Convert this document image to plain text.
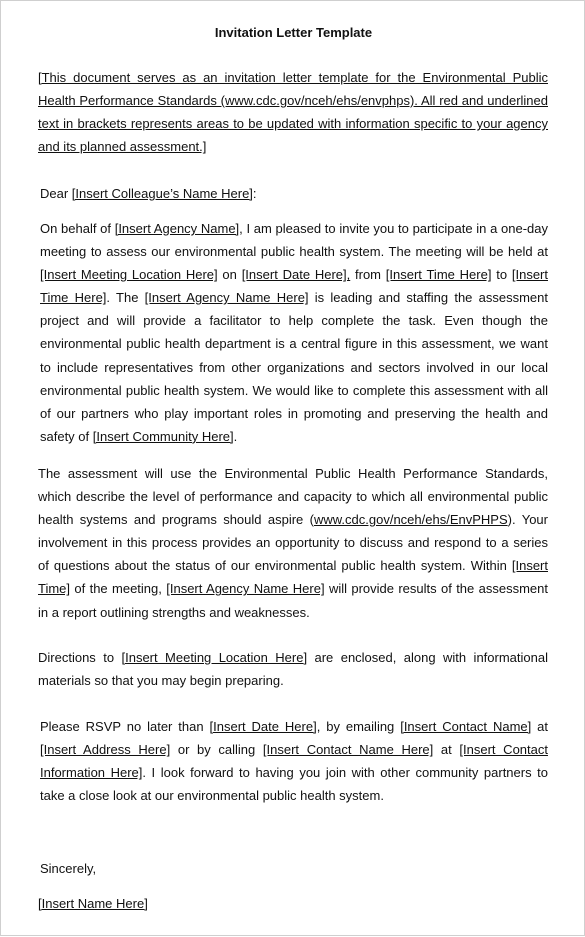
Invitation Letter Template

[This document serves as an invitation letter template for the Environmental Public Health Performance Standards (www.cdc.gov/nceh/ehs/envphps). All red and underlined text in brackets represents areas to be updated with information specific to your agency and its planned assessment.]

Dear [Insert Colleague’s Name Here]:

On behalf of [Insert Agency Name], I am pleased to invite you to participate in a one-day meeting to assess our environmental public health system. The meeting will be held at [Insert Meeting Location Here] on [Insert Date Here], from [Insert Time Here] to [Insert Time Here]. The [Insert Agency Name Here] is leading and staffing the assessment project and will provide a facilitator to help complete the task. Even though the environmental public health department is a central figure in this assessment, we want to include representatives from other organizations and sectors involved in our local environmental public health system. We would like to complete this assessment with all of our partners who play important roles in promoting and preserving the health and safety of [Insert Community Here].

The assessment will use the Environmental Public Health Performance Standards, which describe the level of performance and capacity to which all environmental public health systems and programs should aspire (www.cdc.gov/nceh/ehs/EnvPHPS). Your involvement in this process provides an opportunity to discuss and respond to a series of questions about the status of our environmental public health system. Within [Insert Time] of the meeting, [Insert Agency Name Here] will provide results of the assessment in a report outlining strengths and weaknesses.

Directions to [Insert Meeting Location Here] are enclosed, along with informational materials so that you may begin preparing.

Please RSVP no later than [Insert Date Here], by emailing [Insert Contact Name] at [Insert Address Here] or by calling [Insert Contact Name Here] at [Insert Contact Information Here]. I look forward to having you join with other community partners to take a close look at our environmental public health system.

Sincerely,

[Insert Name Here]
